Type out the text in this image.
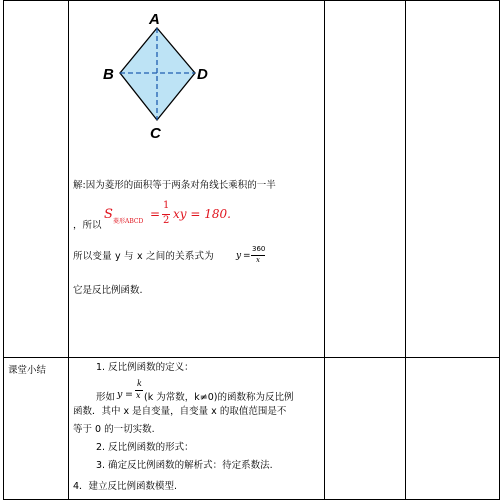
A
B	D
C
解:因为菱形的面积等于两条对角线长乘积的一半
S 菱形ABCD
=
1
2 xy = 180.
，所以
所以变量 y 与 x 之间的关系式为 y =
360
x
它是反比例函数.
课堂小结	1. 反比例函数的定义：
形如 y =
k
x (k 为常数，k≠0)的函数称为反比例
函数．其中 x 是自变量，自变量 x 的取值范围是不
等于 0 的一切实数.
2. 反比例函数的形式：
3. 确定反比例函数的解析式：待定系数法.
4．建立反比例函数模型.
